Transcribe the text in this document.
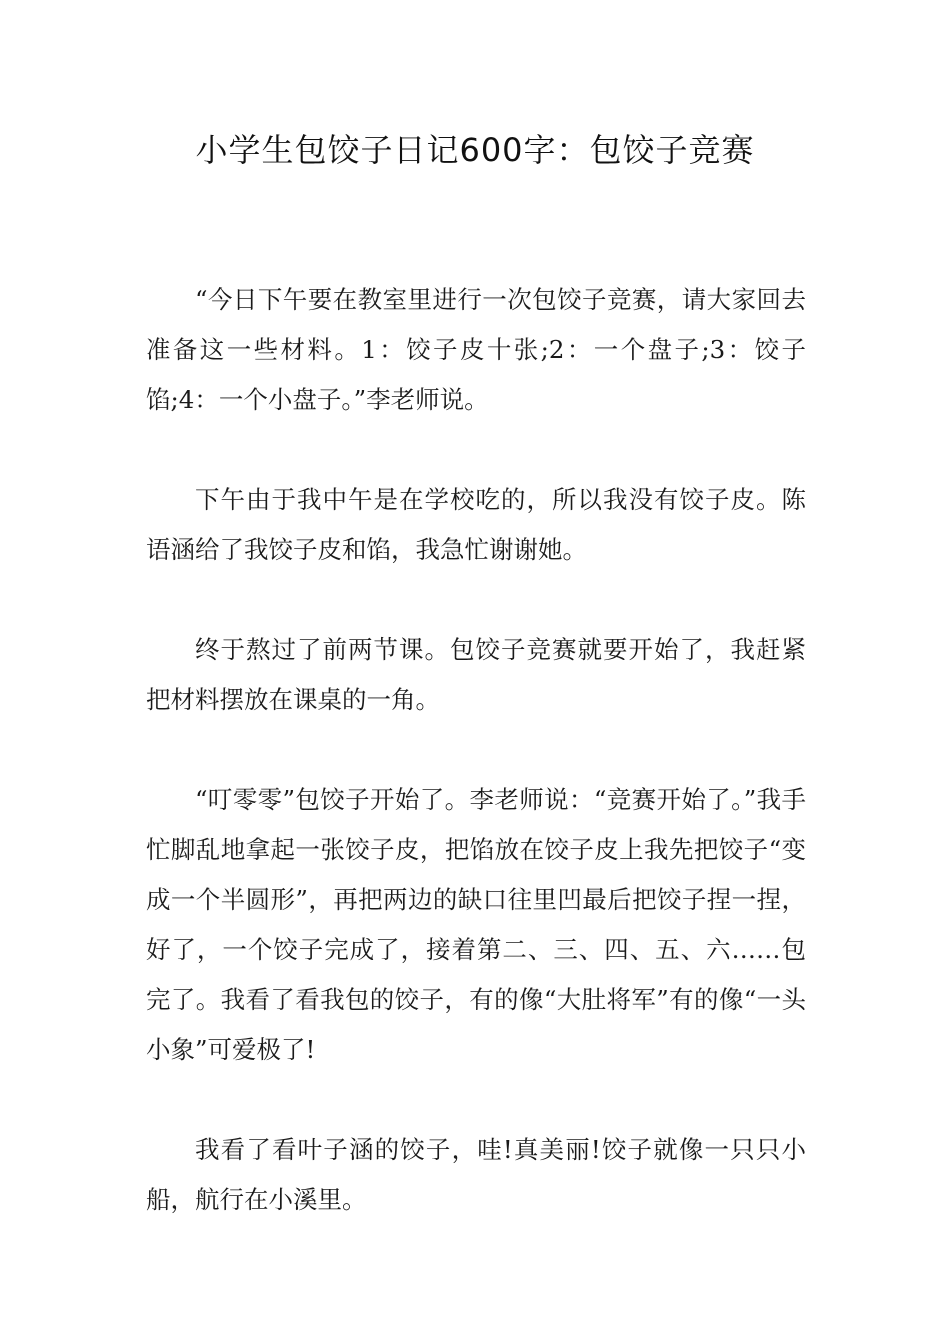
小学生包饺子日记600字：包饺子竞赛

“今日下午要在教室里进行一次包饺子竞赛，请大家回去准备这一些材料。1：饺子皮十张;2：一个盘子;3：饺子馅;4：一个小盘子。”李老师说。

下午由于我中午是在学校吃的，所以我没有饺子皮。陈语涵给了我饺子皮和馅，我急忙谢谢她。

终于熬过了前两节课。包饺子竞赛就要开始了，我赶紧把材料摆放在课桌的一角。

“叮零零”包饺子开始了。李老师说：“竞赛开始了。”我手忙脚乱地拿起一张饺子皮，把馅放在饺子皮上我先把饺子“变成一个半圆形”，再把两边的缺口往里凹最后把饺子捏一捏，好了，一个饺子完成了，接着第二、三、四、五、六……包完了。我看了看我包的饺子，有的像“大肚将军”有的像“一头小象”可爱极了!

我看了看叶子涵的饺子，哇!真美丽!饺子就像一只只小船，航行在小溪里。
